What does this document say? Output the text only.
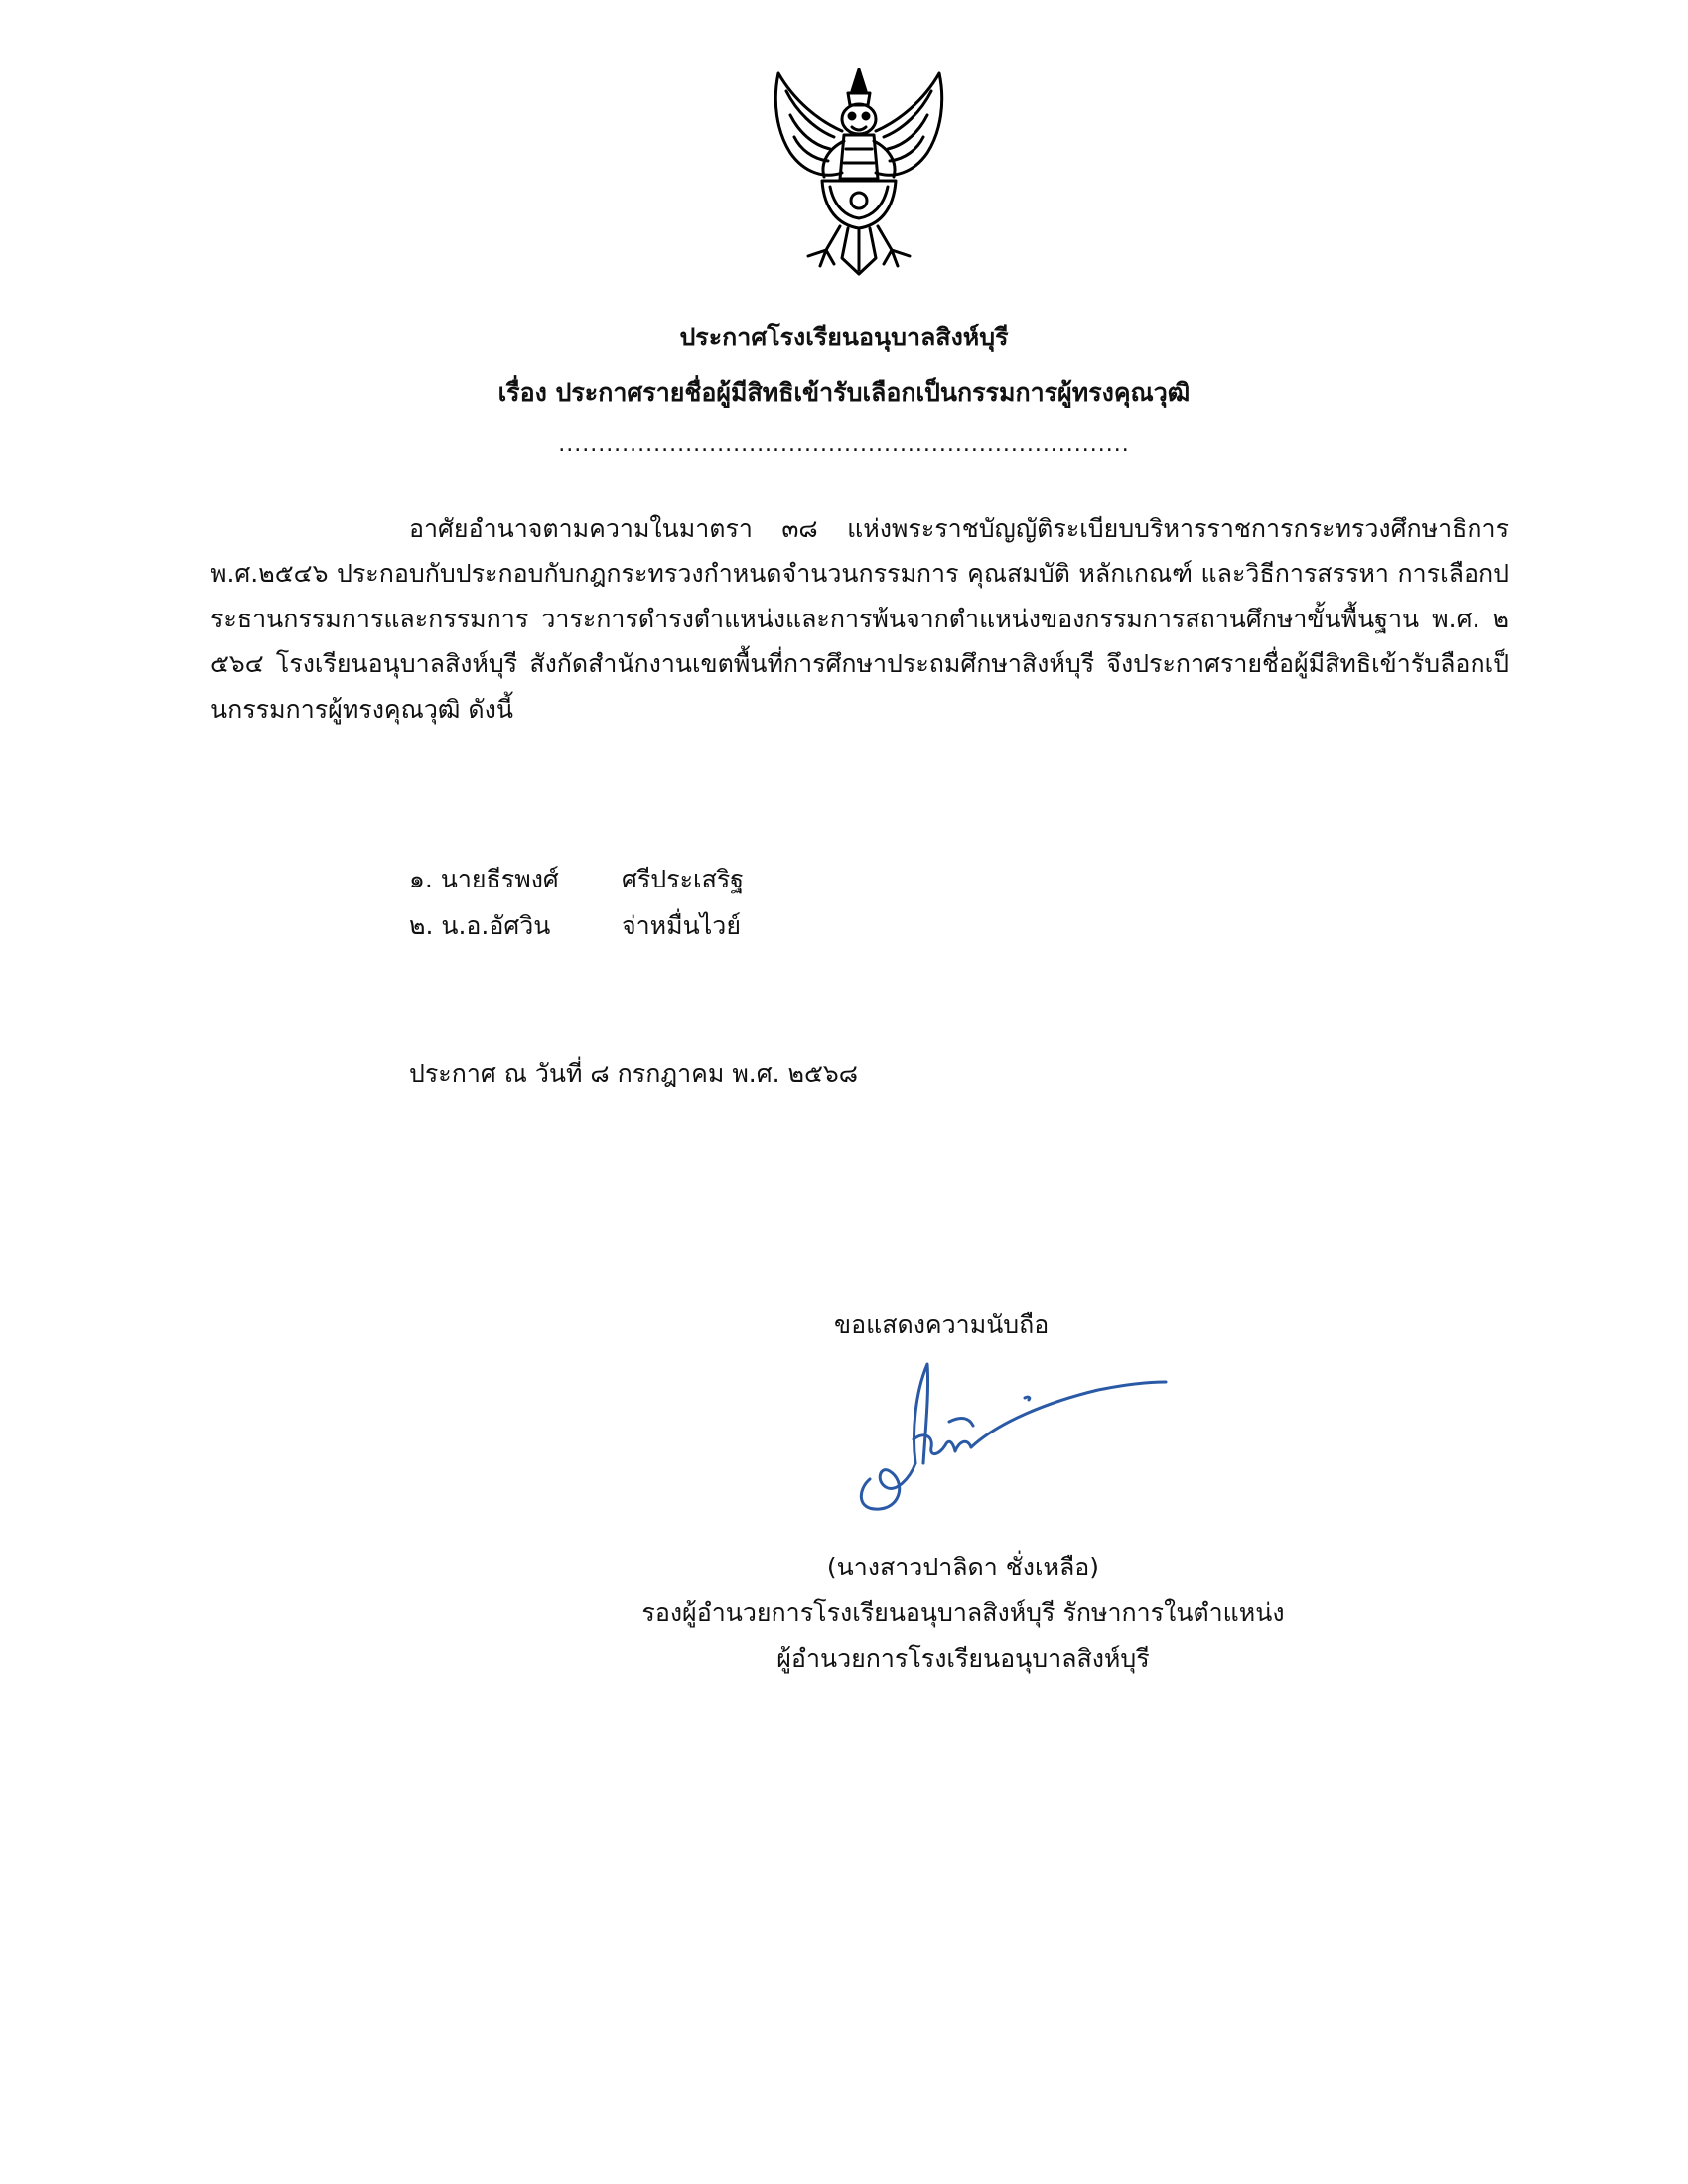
ประกาศโรงเรียนอนุบาลสิงห์บุรี
เรื่อง ประกาศรายชื่อผู้มีสิทธิเข้ารับเลือกเป็นกรรมการผู้ทรงคุณวุฒิ
........................................................................
อาศัยอำนาจตามความในมาตรา ๓๘ แห่งพระราชบัญญัติระเบียบบริหารราชการกระทรวงศึกษาธิการ พ.ศ.๒๕๔๖ ประกอบกับประกอบกับกฎกระทรวงกำหนดจำนวนกรรมการ คุณสมบัติ หลักเกณฑ์ และวิธีการสรรหา การเลือกประธานกรรมการและกรรมการ วาระการดำรงตำแหน่งและการพ้นจากตำแหน่งของกรรมการสถานศึกษาขั้นพื้นฐาน พ.ศ. ๒๕๖๔ โรงเรียนอนุบาลสิงห์บุรี สังกัดสำนักงานเขตพื้นที่การศึกษาประถมศึกษาสิงห์บุรี จึงประกาศรายชื่อผู้มีสิทธิเข้ารับลือกเป็นกรรมการผู้ทรงคุณวุฒิ ดังนี้
๑. นายธีรพงศ์	ศรีประเสริฐ
๒. น.อ.อัศวิน	จ่าหมื่นไวย์
ประกาศ ณ วันที่ ๘ กรกฎาคม พ.ศ. ๒๕๖๘
ขอแสดงความนับถือ
(นางสาวปาลิดา ชั่งเหลือ)
รองผู้อำนวยการโรงเรียนอนุบาลสิงห์บุรี รักษาการในตำแหน่ง
ผู้อำนวยการโรงเรียนอนุบาลสิงห์บุรี
